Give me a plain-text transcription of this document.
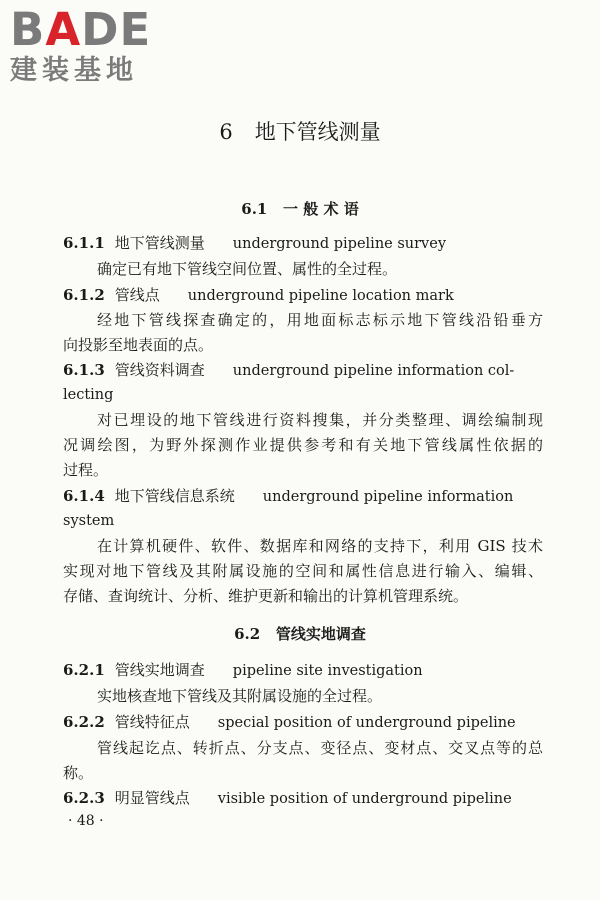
BADE
建装基地
6 地下管线测量
6.1 一 般 术 语
6.1.1 地下管线测量 underground pipeline survey
确定已有地下管线空间位置、属性的全过程。
6.1.2 管线点 underground pipeline location mark
经地下管线探查确定的，用地面标志标示地下管线沿铅垂方
向投影至地表面的点。
6.1.3 管线资料调查 underground pipeline information col-
lecting
对已埋设的地下管线进行资料搜集，并分类整理、调绘编制现
况调绘图，为野外探测作业提供参考和有关地下管线属性依据的
过程。
6.1.4 地下管线信息系统 underground pipeline information
system
在计算机硬件、软件、数据库和网络的支持下，利用 GIS 技术
实现对地下管线及其附属设施的空间和属性信息进行输入、编辑、
存储、查询统计、分析、维护更新和输出的计算机管理系统。
6.2 管线实地调查
6.2.1 管线实地调查 pipeline site investigation
实地核查地下管线及其附属设施的全过程。
6.2.2 管线特征点 special position of underground pipeline
管线起讫点、转折点、分支点、变径点、变材点、交叉点等的总
称。
6.2.3 明显管线点 visible position of underground pipeline
· 48 ·
